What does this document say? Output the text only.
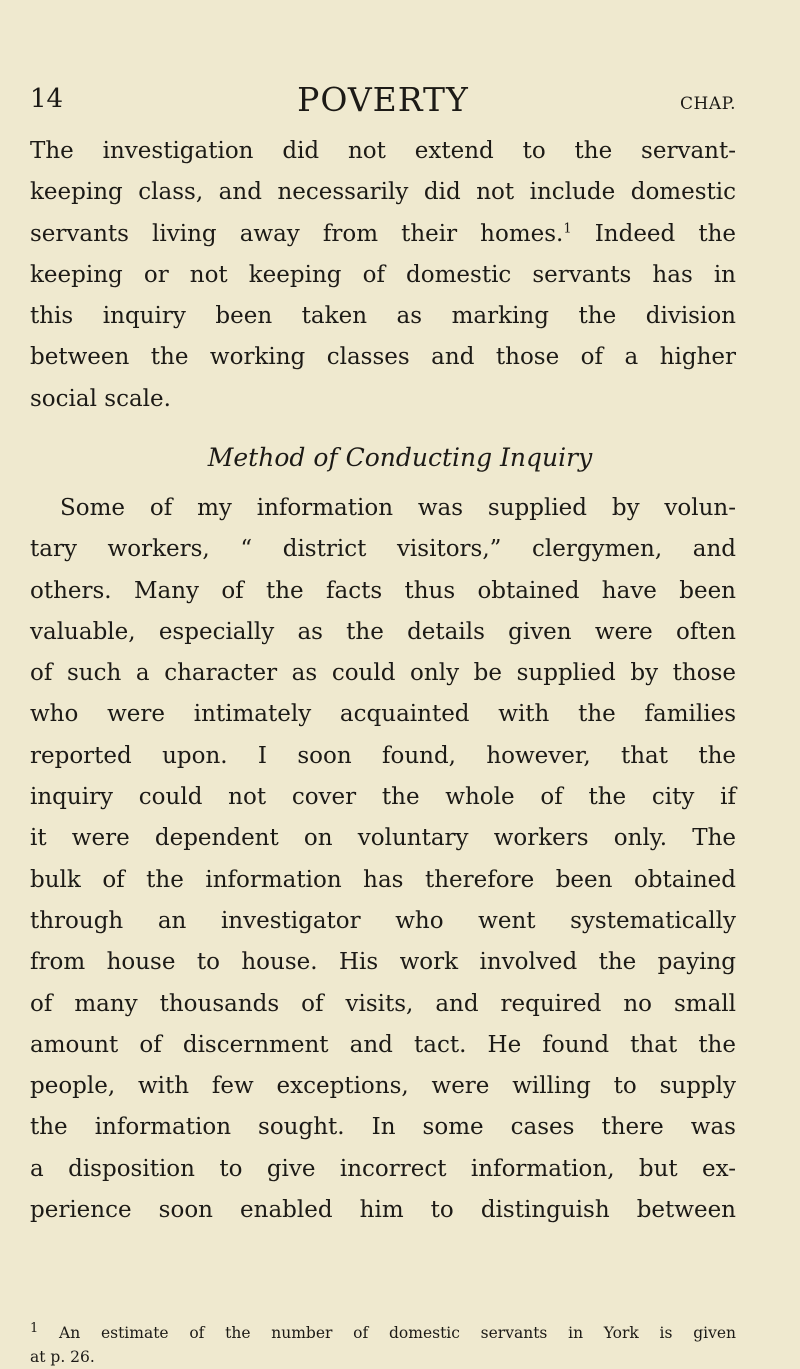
14	POVERTY	CHAP.
The investigation did not extend to the servant-
keeping class, and necessarily did not include domestic
servants living away from their homes.$^1$ Indeed the
keeping or not keeping of domestic servants has in
this inquiry been taken as marking the division
between the working classes and those of a higher
social scale.
Method of Conducting Inquiry
Some of my information was supplied by volun-
tary workers, “ district visitors,” clergymen, and
others. Many of the facts thus obtained have been
valuable, especially as the details given were often
of such a character as could only be supplied by those
who were intimately acquainted with the families
reported upon. I soon found, however, that the
inquiry could not cover the whole of the city if
it were dependent on voluntary workers only. The
bulk of the information has therefore been obtained
through an investigator who went systematically
from house to house. His work involved the paying
of many thousands of visits, and required no small
amount of discernment and tact. He found that the
people, with few exceptions, were willing to supply
the information sought. In some cases there was
a disposition to give incorrect information, but ex-
perience soon enabled him to distinguish between
$^1$ An estimate of the number of domestic servants in York is given
at p. 26.
